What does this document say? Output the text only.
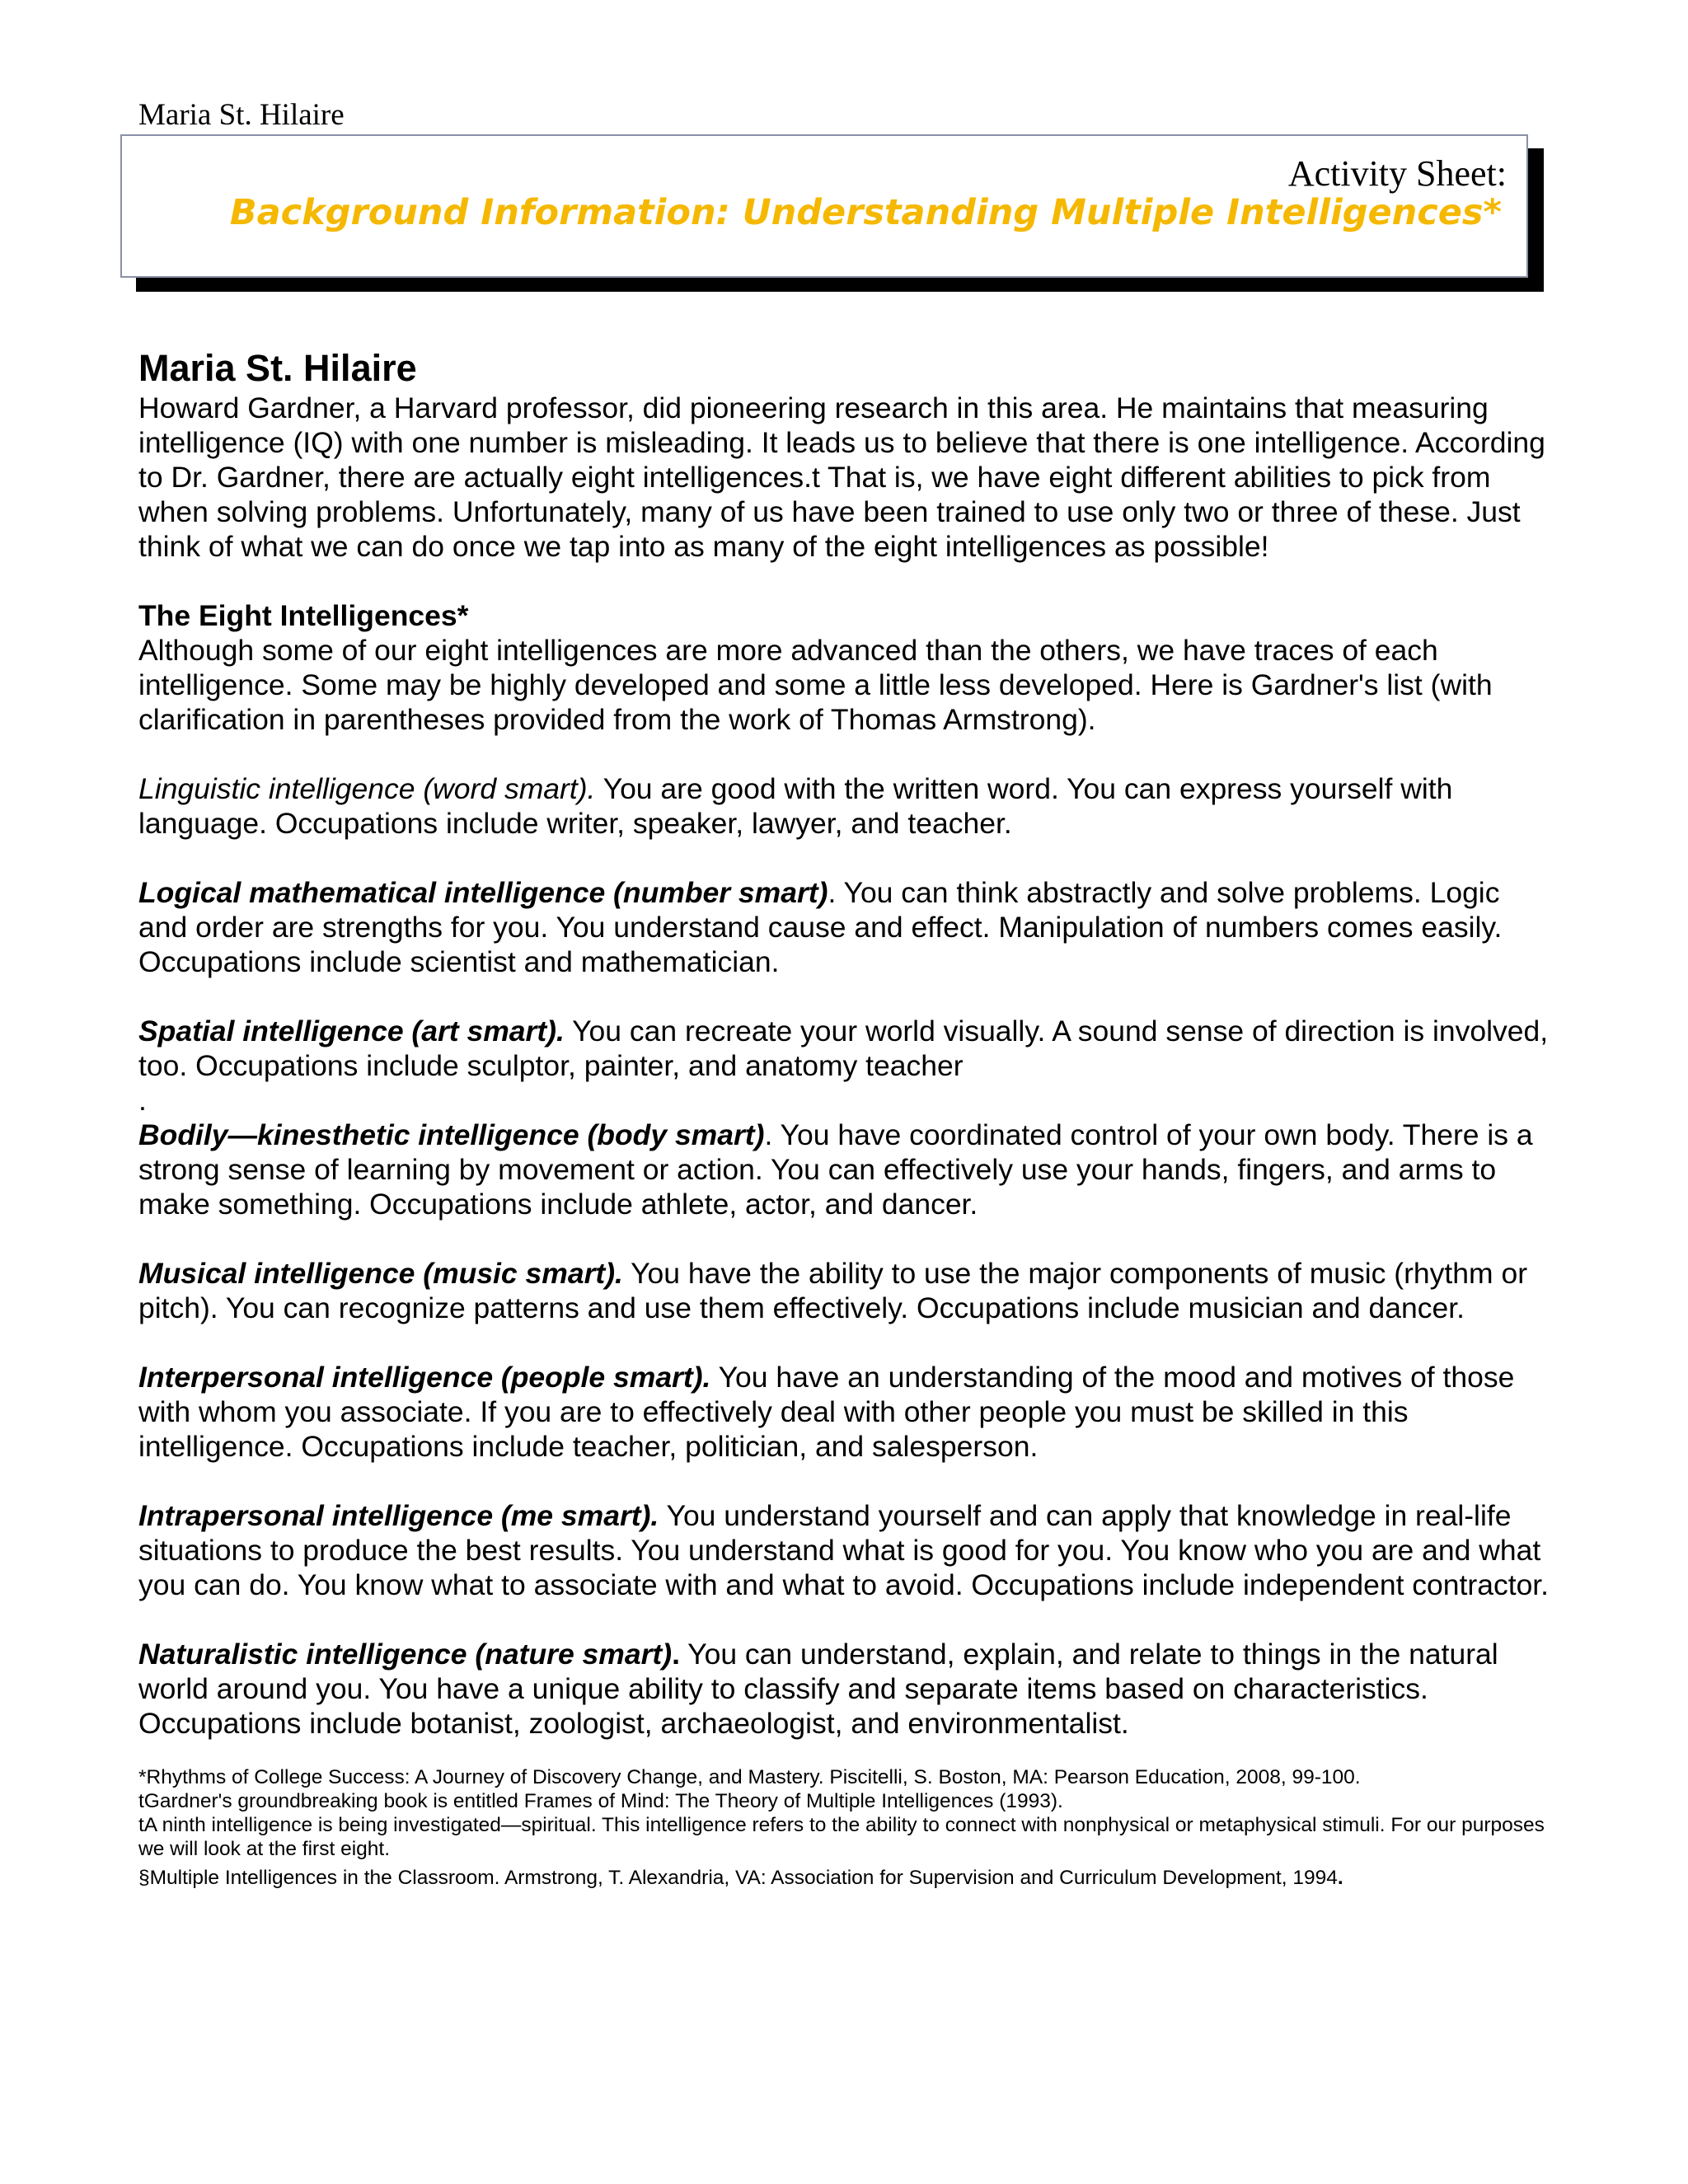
Maria St. Hilaire
Activity Sheet:
Background Information: Understanding Multiple Intelligences*
Maria St. Hilaire

Howard Gardner, a Harvard professor, did pioneering research in this area. He maintains that measuring intelligence (IQ) with one number is misleading. It leads us to believe that there is one intelligence. According to Dr. Gardner, there are actually eight intelligences.t That is, we have eight different abilities to pick from when solving problems. Unfortunately, many of us have been trained to use only two or three of these. Just think of what we can do once we tap into as many of the eight intelligences as possible!

The Eight Intelligences*

Although some of our eight intelligences are more advanced than the others, we have traces of each intelligence. Some may be highly developed and some a little less developed. Here is Gardner's list (with clarification in parentheses provided from the work of Thomas Armstrong).

Linguistic intelligence (word smart). You are good with the written word. You can express yourself with language. Occupations include writer, speaker, lawyer, and teacher.

Logical mathematical intelligence (number smart). You can think abstractly and solve problems. Logic and order are strengths for you. You understand cause and effect. Manipulation of numbers comes easily. Occupations include scientist and mathematician.

Spatial intelligence (art smart). You can recreate your world visually. A sound sense of direction is involved, too. Occupations include sculptor, painter, and anatomy teacher

.

Bodily—kinesthetic intelligence (body smart). You have coordinated control of your own body. There is a strong sense of learning by movement or action. You can effectively use your hands, fingers, and arms to make something. Occupations include athlete, actor, and dancer.

Musical intelligence (music smart). You have the ability to use the major components of music (rhythm or pitch). You can recognize patterns and use them effectively. Occupations include musician and dancer.

Interpersonal intelligence (people smart). You have an understanding of the mood and motives of those with whom you associate. If you are to effectively deal with other people you must be skilled in this intelligence. Occupations include teacher, politician, and salesperson.

Intrapersonal intelligence (me smart). You understand yourself and can apply that knowledge in real-life situations to produce the best results. You understand what is good for you. You know who you are and what you can do. You know what to associate with and what to avoid. Occupations include independent contractor.

Naturalistic intelligence (nature smart). You can understand, explain, and relate to things in the natural world around you. You have a unique ability to classify and separate items based on characteristics. Occupations include botanist, zoologist, archaeologist, and environmentalist.

*Rhythms of College Success: A Journey of Discovery Change, and Mastery. Piscitelli, S. Boston, MA: Pearson Education, 2008, 99-100.

tGardner's groundbreaking book is entitled Frames of Mind: The Theory of Multiple Intelligences (1993).

tA ninth intelligence is being investigated—spiritual. This intelligence refers to the ability to connect with nonphysical or metaphysical stimuli. For our purposes we will look at the first eight.

§Multiple Intelligences in the Classroom. Armstrong, T. Alexandria, VA: Association for Supervision and Curriculum Development, 1994.
